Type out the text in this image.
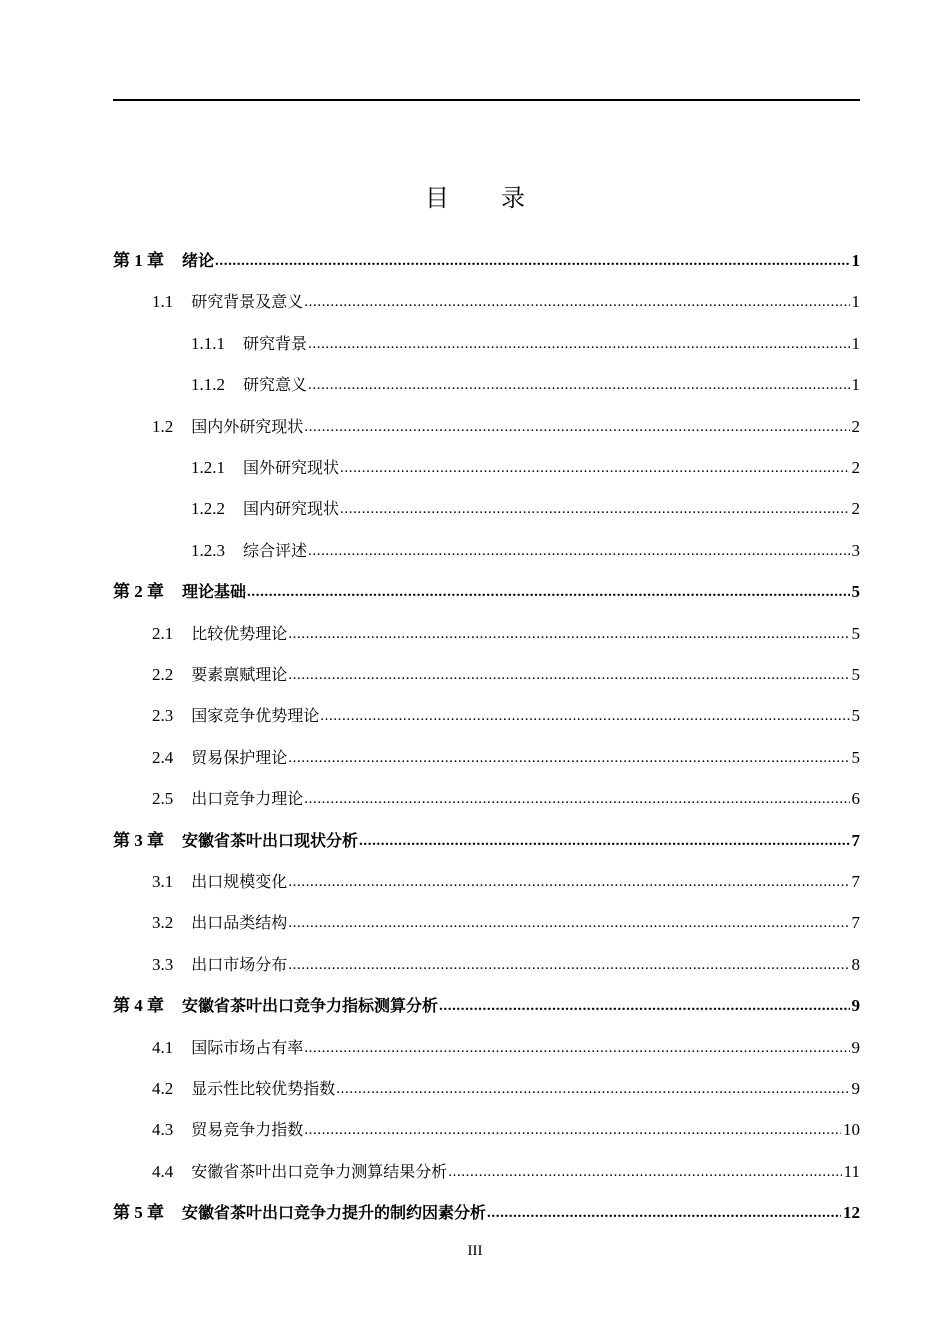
目 录
第 1 章 绪论 .....	1
1.1 研究背景及意义 .....	1
1.1.1 研究背景 .....	1
1.1.2 研究意义 .....	1
1.2 国内外研究现状 .....	2
1.2.1 国外研究现状 .....	2
1.2.2 国内研究现状 .....	2
1.2.3 综合评述 .....	3
第 2 章 理论基础 .....	5
2.1 比较优势理论 .....	5
2.2 要素禀赋理论 .....	5
2.3 国家竞争优势理论 .....	5
2.4 贸易保护理论 .....	5
2.5 出口竞争力理论 .....	6
第 3 章 安徽省茶叶出口现状分析 .....	7
3.1 出口规模变化 .....	7
3.2 出口品类结构 .....	7
3.3 出口市场分布 .....	8
第 4 章 安徽省茶叶出口竞争力指标测算分析 .....	9
4.1 国际市场占有率 .....	9
4.2 显示性比较优势指数 .....	9
4.3 贸易竞争力指数 .....	10
4.4 安徽省茶叶出口竞争力测算结果分析 .....	11
第 5 章 安徽省茶叶出口竞争力提升的制约因素分析 .....	12
III
